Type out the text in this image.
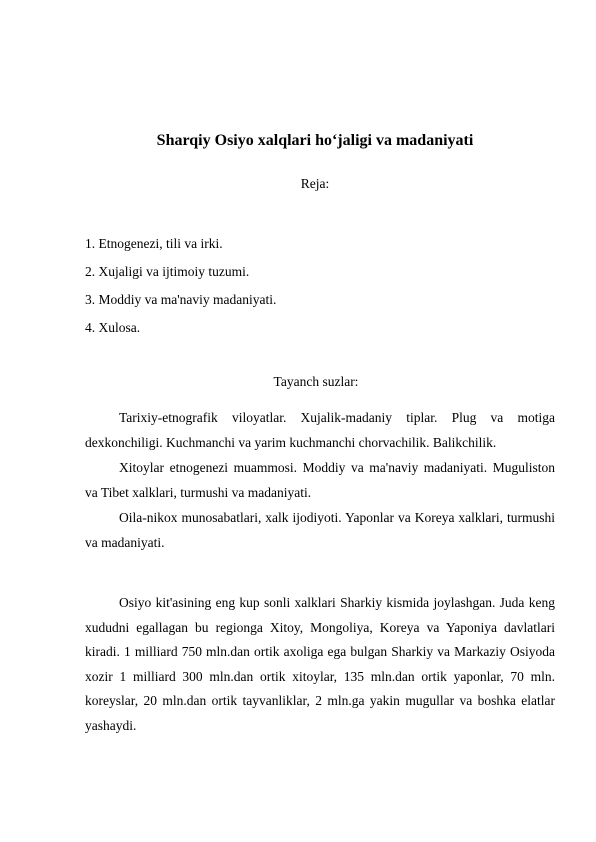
Sharqiy Osiyo xalqlari ho‘jaligi va madaniyati
Reja:
1. Etnogenezi, tili va irki.
2. Xujaligi va ijtimoiy tuzumi.
3. Moddiy va ma'naviy madaniyati.
4. Xulosa.
Tayanch suzlar:

Tarixiy-etnografik viloyatlar. Xujalik-madaniy tiplar. Plug va motiga dexkonchiligi. Kuchmanchi va yarim kuchmanchi chorvachilik. Balikchilik.

Xitoylar etnogenezi muammosi. Moddiy va ma'naviy madaniyati. Muguliston va Tibet xalklari, turmushi va madaniyati.

Oila-nikox munosabatlari, xalk ijodiyoti. Yaponlar va Koreya xalklari, turmushi va madaniyati.

Osiyo kit'asining eng kup sonli xalklari Sharkiy kismida joylashgan. Juda keng xududni egallagan bu regionga Xitoy, Mongoliya, Koreya va Yaponiya davlatlari kiradi. 1 milliard 750 mln.dan ortik axoliga ega bulgan Sharkiy va Markaziy Osiyoda xozir 1 milliard 300 mln.dan ortik xitoylar, 135 mln.dan ortik yaponlar, 70 mln. koreyslar, 20 mln.dan ortik tayvanliklar, 2 mln.ga yakin mugullar va boshka elatlar yashaydi.
